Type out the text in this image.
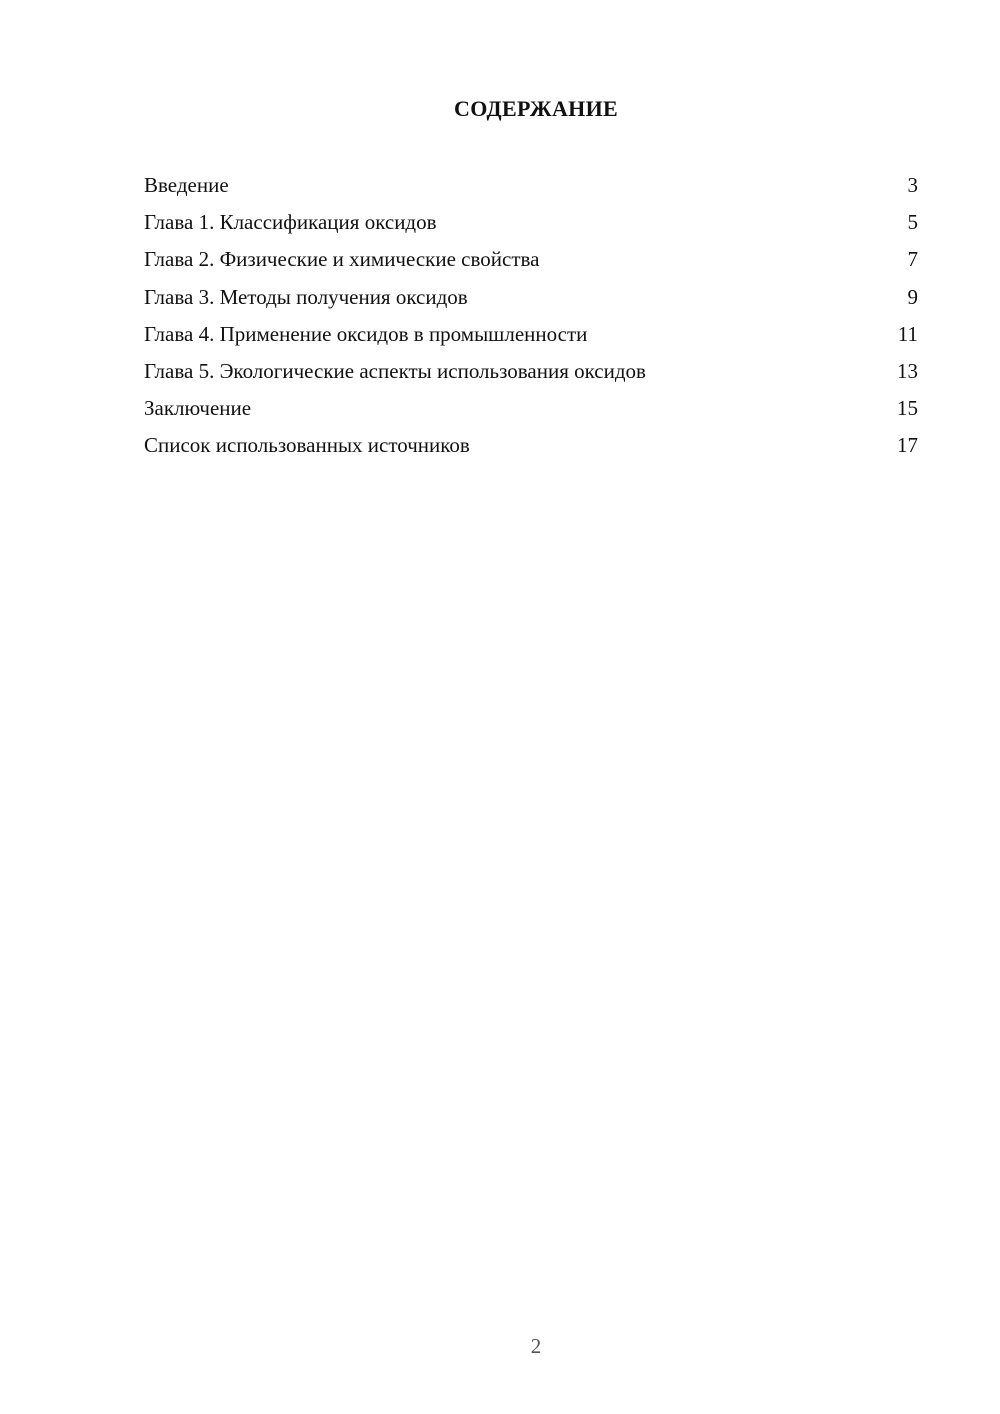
СОДЕРЖАНИЕ
Введение	3
Глава 1. Классификация оксидов	5
Глава 2. Физические и химические свойства	7
Глава 3. Методы получения оксидов	9
Глава 4. Применение оксидов в промышленности	11
Глава 5. Экологические аспекты использования оксидов	13
Заключение	15
Список использованных источников	17
2
